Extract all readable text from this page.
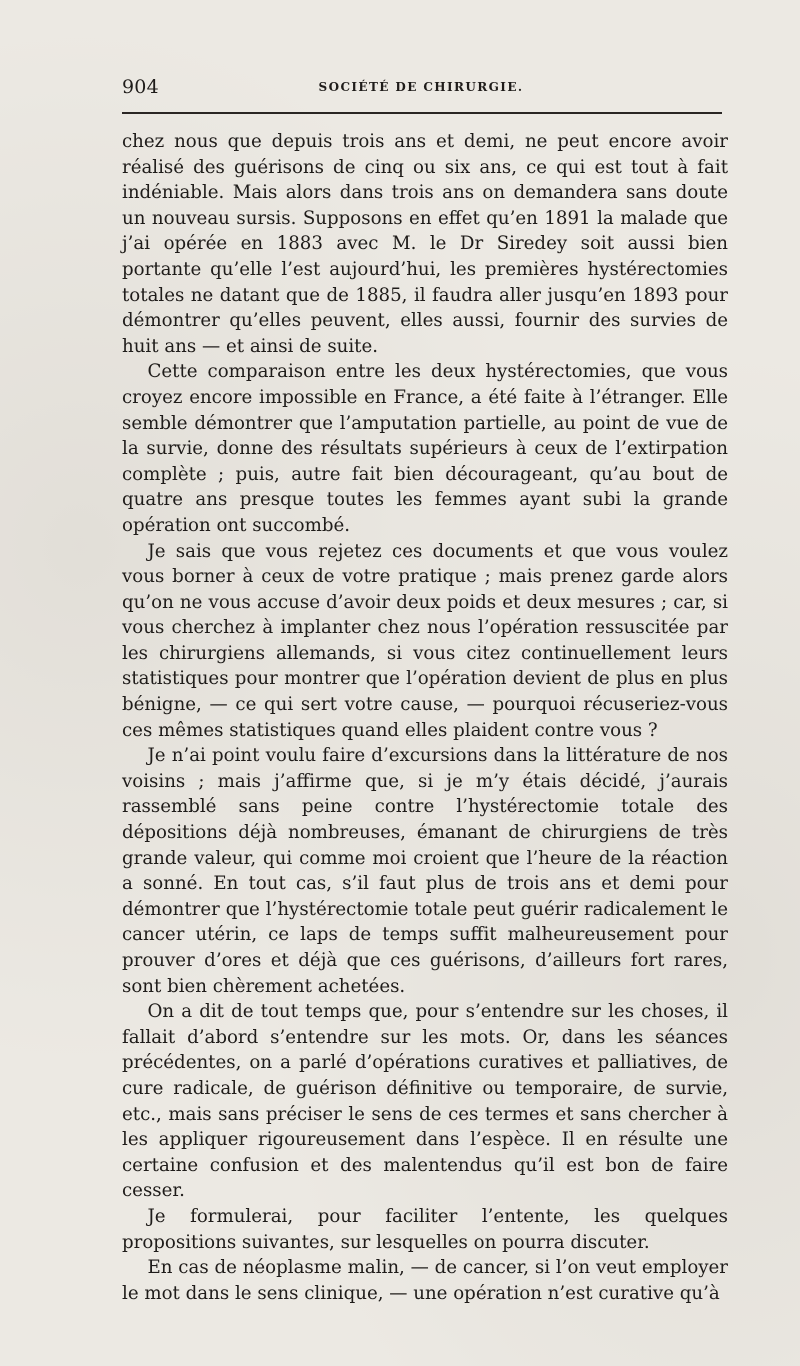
904	SOCIÉTÉ DE CHIRURGIE.

chez nous que depuis trois ans et demi, ne peut encore avoir réalisé des guérisons de cinq ou six ans, ce qui est tout à fait indéniable. Mais alors dans trois ans on demandera sans doute un nouveau sursis. Supposons en effet qu’en 1891 la malade que j’ai opérée en 1883 avec M. le Dr Siredey soit aussi bien portante qu’elle l’est aujourd’hui, les premières hystérectomies totales ne datant que de 1885, il faudra aller jusqu’en 1893 pour démontrer qu’elles peuvent, elles aussi, fournir des survies de huit ans — et ainsi de suite.

Cette comparaison entre les deux hystérectomies, que vous croyez encore impossible en France, a été faite à l’étranger. Elle semble démontrer que l’amputation partielle, au point de vue de la survie, donne des résultats supérieurs à ceux de l’extirpation complète ; puis, autre fait bien décourageant, qu’au bout de quatre ans presque toutes les femmes ayant subi la grande opération ont succombé.

Je sais que vous rejetez ces documents et que vous voulez vous borner à ceux de votre pratique ; mais prenez garde alors qu’on ne vous accuse d’avoir deux poids et deux mesures ; car, si vous cherchez à implanter chez nous l’opération ressuscitée par les chirurgiens allemands, si vous citez continuellement leurs statistiques pour montrer que l’opération devient de plus en plus bénigne, — ce qui sert votre cause, — pourquoi récuseriez-vous ces mêmes statistiques quand elles plaident contre vous ?

Je n’ai point voulu faire d’excursions dans la littérature de nos voisins ; mais j’affirme que, si je m’y étais décidé, j’aurais rassemblé sans peine contre l’hystérectomie totale des dépositions déjà nombreuses, émanant de chirurgiens de très grande valeur, qui comme moi croient que l’heure de la réaction a sonné. En tout cas, s’il faut plus de trois ans et demi pour démontrer que l’hystérectomie totale peut guérir radicalement le cancer utérin, ce laps de temps suffit malheureusement pour prouver d’ores et déjà que ces guérisons, d’ailleurs fort rares, sont bien chèrement achetées.

On a dit de tout temps que, pour s’entendre sur les choses, il fallait d’abord s’entendre sur les mots. Or, dans les séances précédentes, on a parlé d’opérations curatives et palliatives, de cure radicale, de guérison définitive ou temporaire, de survie, etc., mais sans préciser le sens de ces termes et sans chercher à les appliquer rigoureusement dans l’espèce. Il en résulte une certaine confusion et des malentendus qu’il est bon de faire cesser.

Je formulerai, pour faciliter l’entente, les quelques propositions suivantes, sur lesquelles on pourra discuter.

En cas de néoplasme malin, — de cancer, si l’on veut employer le mot dans le sens clinique, — une opération n’est curative qu’à
